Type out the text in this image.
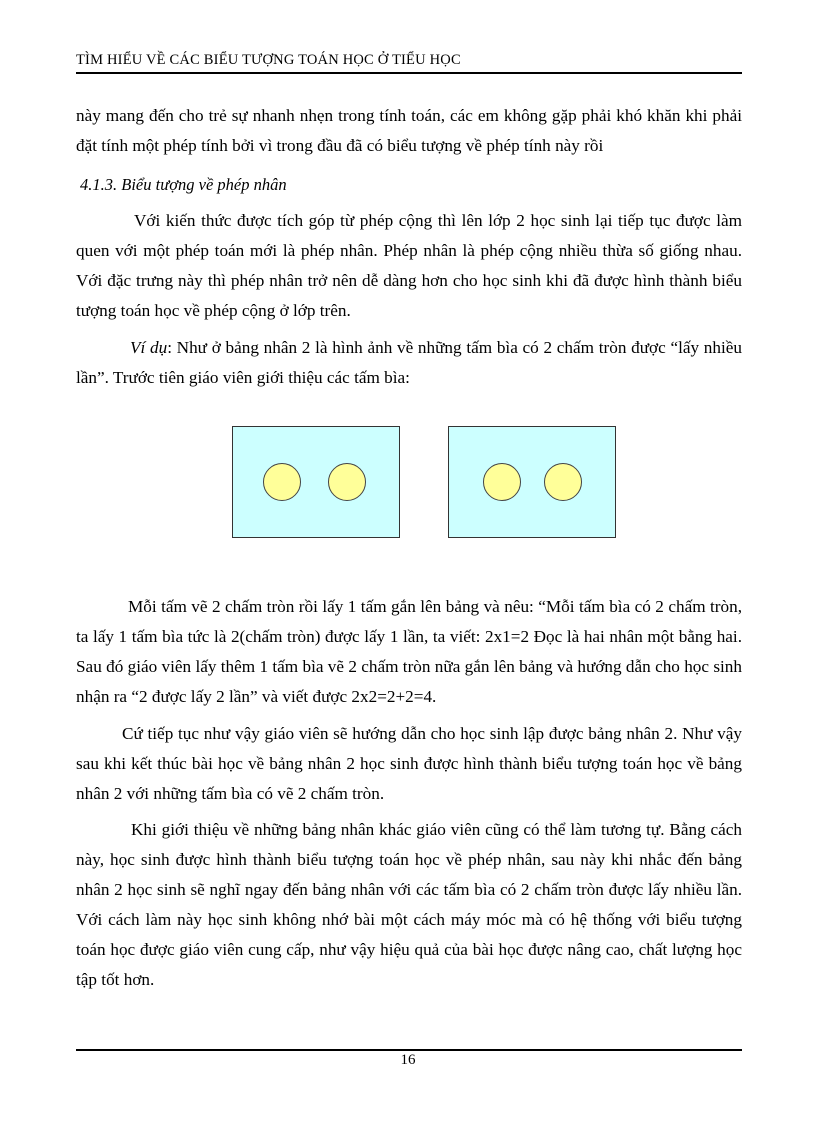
TÌM HIỂU VỀ CÁC BIỂU TƯỢNG TOÁN HỌC Ở TIỂU HỌC

này mang đến cho trẻ sự nhanh nhẹn trong tính toán, các em không gặp phải khó khăn khi phải đặt tính một phép tính bởi vì trong đầu đã có biểu tượng về phép tính này rồi

4.1.3. Biểu tượng về phép nhân

Với kiến thức được tích góp từ phép cộng thì lên lớp 2 học sinh lại tiếp tục được làm quen với một phép toán mới là phép nhân. Phép nhân là phép cộng nhiều thừa số giống nhau. Với đặc trưng này thì phép nhân trở nên dễ dàng hơn cho học sinh khi đã được hình thành biểu tượng toán học về phép cộng ở lớp trên.

Ví dụ: Như ở bảng nhân 2 là hình ảnh về những tấm bìa có 2 chấm tròn được “lấy nhiều lần”. Trước tiên giáo viên giới thiệu các tấm bìa:

Mỗi tấm vẽ 2 chấm tròn rồi lấy 1 tấm gắn lên bảng và nêu: “Mỗi tấm bìa có 2 chấm tròn, ta lấy 1 tấm bìa tức là 2(chấm tròn) được lấy 1 lần, ta viết: 2x1=2 Đọc là hai nhân một bằng hai. Sau đó giáo viên lấy thêm 1 tấm bìa vẽ 2 chấm tròn nữa gắn lên bảng và hướng dẫn cho học sinh nhận ra “2 được lấy 2 lần” và viết được 2x2=2+2=4.

Cứ tiếp tục như vậy giáo viên sẽ hướng dẫn cho học sinh lập được bảng nhân 2. Như vậy sau khi kết thúc bài học về bảng nhân 2 học sinh được hình thành biểu tượng toán học về bảng nhân 2 với những tấm bìa có vẽ 2 chấm tròn.

Khi giới thiệu về những bảng nhân khác giáo viên cũng có thể làm tương tự. Bằng cách này, học sinh được hình thành biểu tượng toán học về phép nhân, sau này khi nhắc đến bảng nhân 2 học sinh sẽ nghĩ ngay đến bảng nhân với các tấm bìa có 2 chấm tròn được lấy nhiều lần. Với cách làm này học sinh không nhớ bài một cách máy móc mà có hệ thống với biểu tượng toán học được giáo viên cung cấp, như vậy hiệu quả của bài học được nâng cao, chất lượng học tập tốt hơn.

16
